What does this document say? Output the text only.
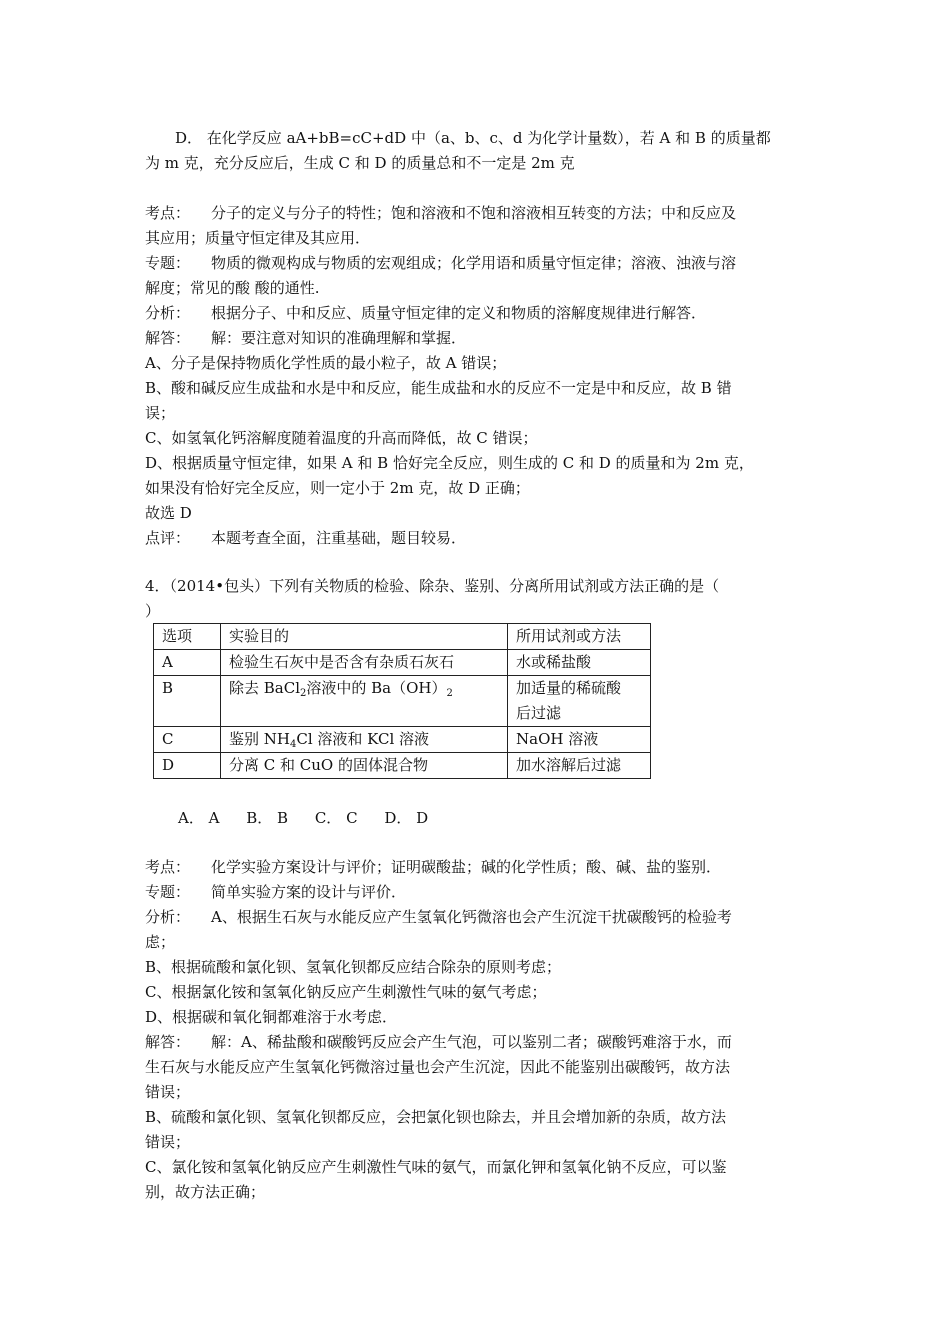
D． 在化学反应 aA+bB=cC+dD 中（a、b、c、d 为化学计量数），若 A 和 B 的质量都
为 m 克，充分反应后，生成 C 和 D 的质量总和不一定是 2m 克
考点： 分子的定义与分子的特性；饱和溶液和不饱和溶液相互转变的方法；中和反应及
其应用；质量守恒定律及其应用．
专题： 物质的微观构成与物质的宏观组成；化学用语和质量守恒定律；溶液、浊液与溶
解度；常见的酸 酸的通性.
分析： 根据分子、中和反应、质量守恒定律的定义和物质的溶解度规律进行解答．
解答： 解：要注意对知识的准确理解和掌握．
A、分子是保持物质化学性质的最小粒子，故 A 错误；
B、酸和碱反应生成盐和水是中和反应，能生成盐和水的反应不一定是中和反应，故 B 错
误；
C、如氢氧化钙溶解度随着温度的升高而降低，故 C 错误；
D、根据质量守恒定律，如果 A 和 B 恰好完全反应，则生成的 C 和 D 的质量和为 2m 克，
如果没有恰好完全反应，则一定小于 2m 克，故 D 正确；
故选 D
点评： 本题考查全面，注重基础，题目较易．
4．（2014•包头）下列有关物质的检验、除杂、鉴别、分离所用试剂或方法正确的是（
）
选项	实验目的	所用试剂或方法
A	检验生石灰中是否含有杂质石灰石	水或稀盐酸
B	除去 BaCl$_2$溶液中的 $Ba(OH)_2$	加适量的稀硫酸
后过滤

C	鉴别 $NH_4Cl$ 溶液和 KCl 溶液	NaOH 溶液
D	分离 C 和 CuO 的固体混合物	加水溶解后过滤
A． A B． B C． C D． D
考点： 化学实验方案设计与评价；证明碳酸盐；碱的化学性质；酸、碱、盐的鉴别．
专题： 简单实验方案的设计与评价．
分析： A、根据生石灰与水能反应产生氢氧化钙微溶也会产生沉淀干扰碳酸钙的检验考
虑；
B、根据硫酸和氯化钡、氢氧化钡都反应结合除杂的原则考虑；
C、根据氯化铵和氢氧化钠反应产生刺激性气味的氨气考虑；
D、根据碳和氧化铜都难溶于水考虑．
解答： 解：A、稀盐酸和碳酸钙反应会产生气泡，可以鉴别二者；碳酸钙难溶于水，而
生石灰与水能反应产生氢氧化钙微溶过量也会产生沉淀，因此不能鉴别出碳酸钙，故方法
错误；
B、硫酸和氯化钡、氢氧化钡都反应，会把氯化钡也除去，并且会增加新的杂质，故方法
错误；
C、氯化铵和氢氧化钠反应产生刺激性气味的氨气，而氯化钾和氢氧化钠不反应，可以鉴
别，故方法正确；
